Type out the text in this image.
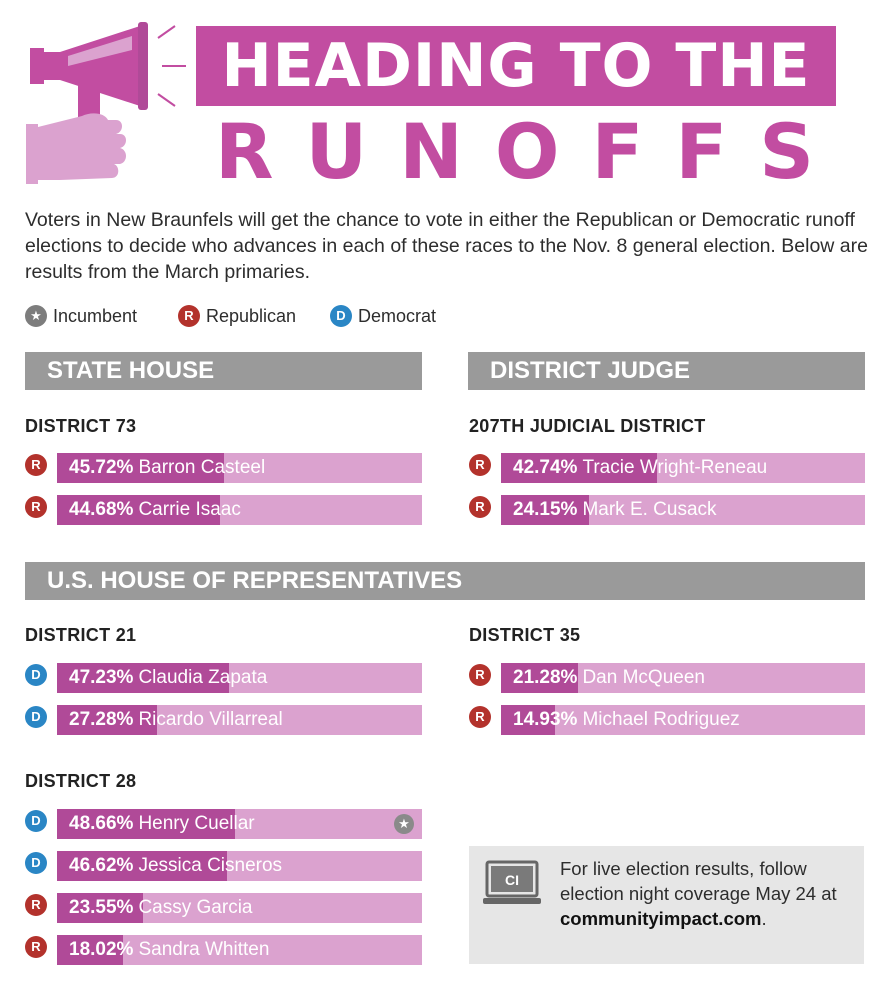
HEADING TO THE
RUNOFFS

Voters in New Braunfels will get the chance to vote in either the Republican or Democratic runoff elections to decide who advances in each of these races to the Nov. 8 general election. Below are results from the March primaries.

★ Incumbent	R Republican	D Democrat
STATE HOUSE	DISTRICT JUDGE
U.S. HOUSE OF REPRESENTATIVES
DISTRICT 73	207TH JUDICIAL DISTRICT
DISTRICT 21	DISTRICT 35
DISTRICT 28
R	45.72% Barron Casteel
R	44.68% Carrie Isaac
R	42.74% Tracie Wright-Reneau
R	24.15% Mark E. Cusack
D	47.23% Claudia Zapata
D	27.28% Ricardo Villarreal
R	21.28% Dan McQueen
R	14.93% Michael Rodriguez
D	48.66% Henry Cuellar	★
D	46.62% Jessica Cisneros
R	23.55% Cassy Garcia
R	18.02% Sandra Whitten
CI

For live election results, follow election night coverage May 24 at communityimpact.com.
